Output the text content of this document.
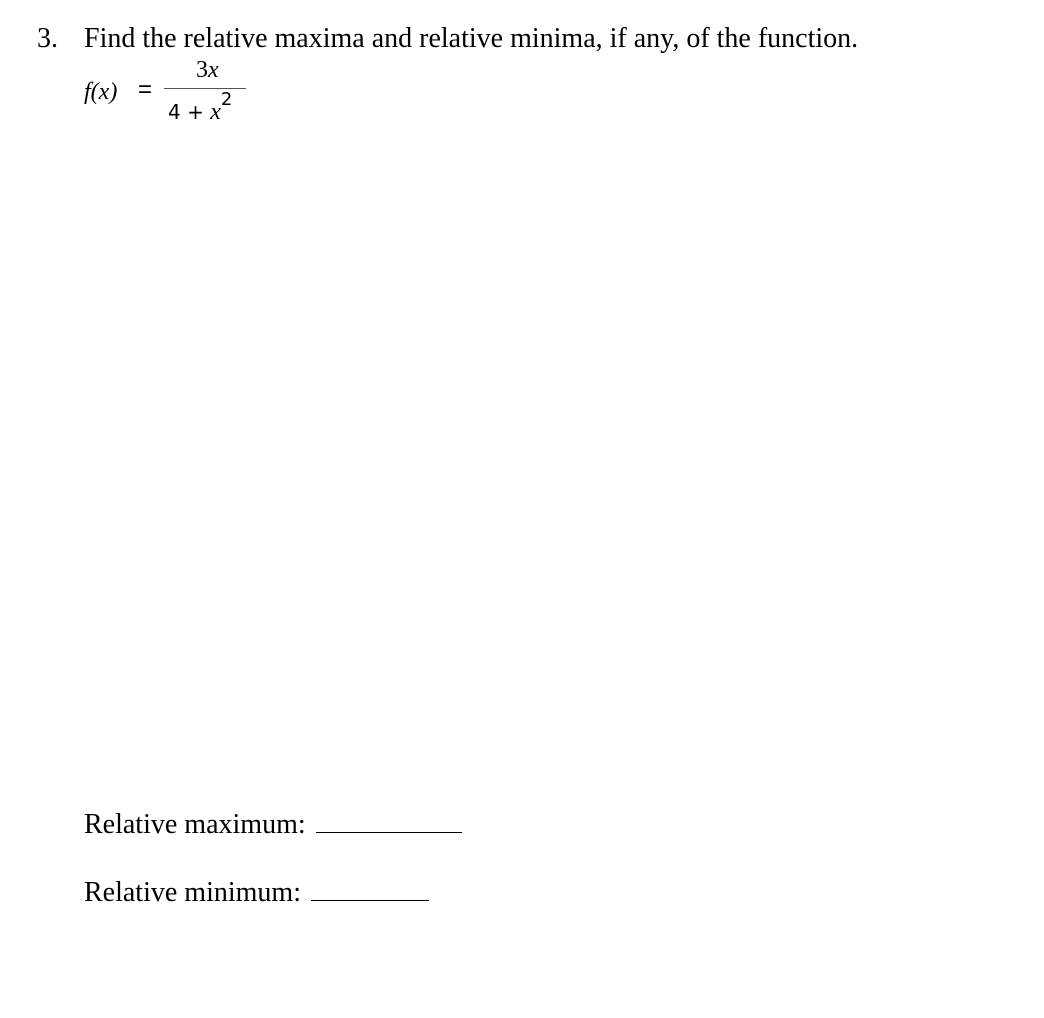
3. Find the relative maxima and relative minima, if any, of the function.
f(x) =
3x
4 + x2
Relative maximum:
Relative minimum:
